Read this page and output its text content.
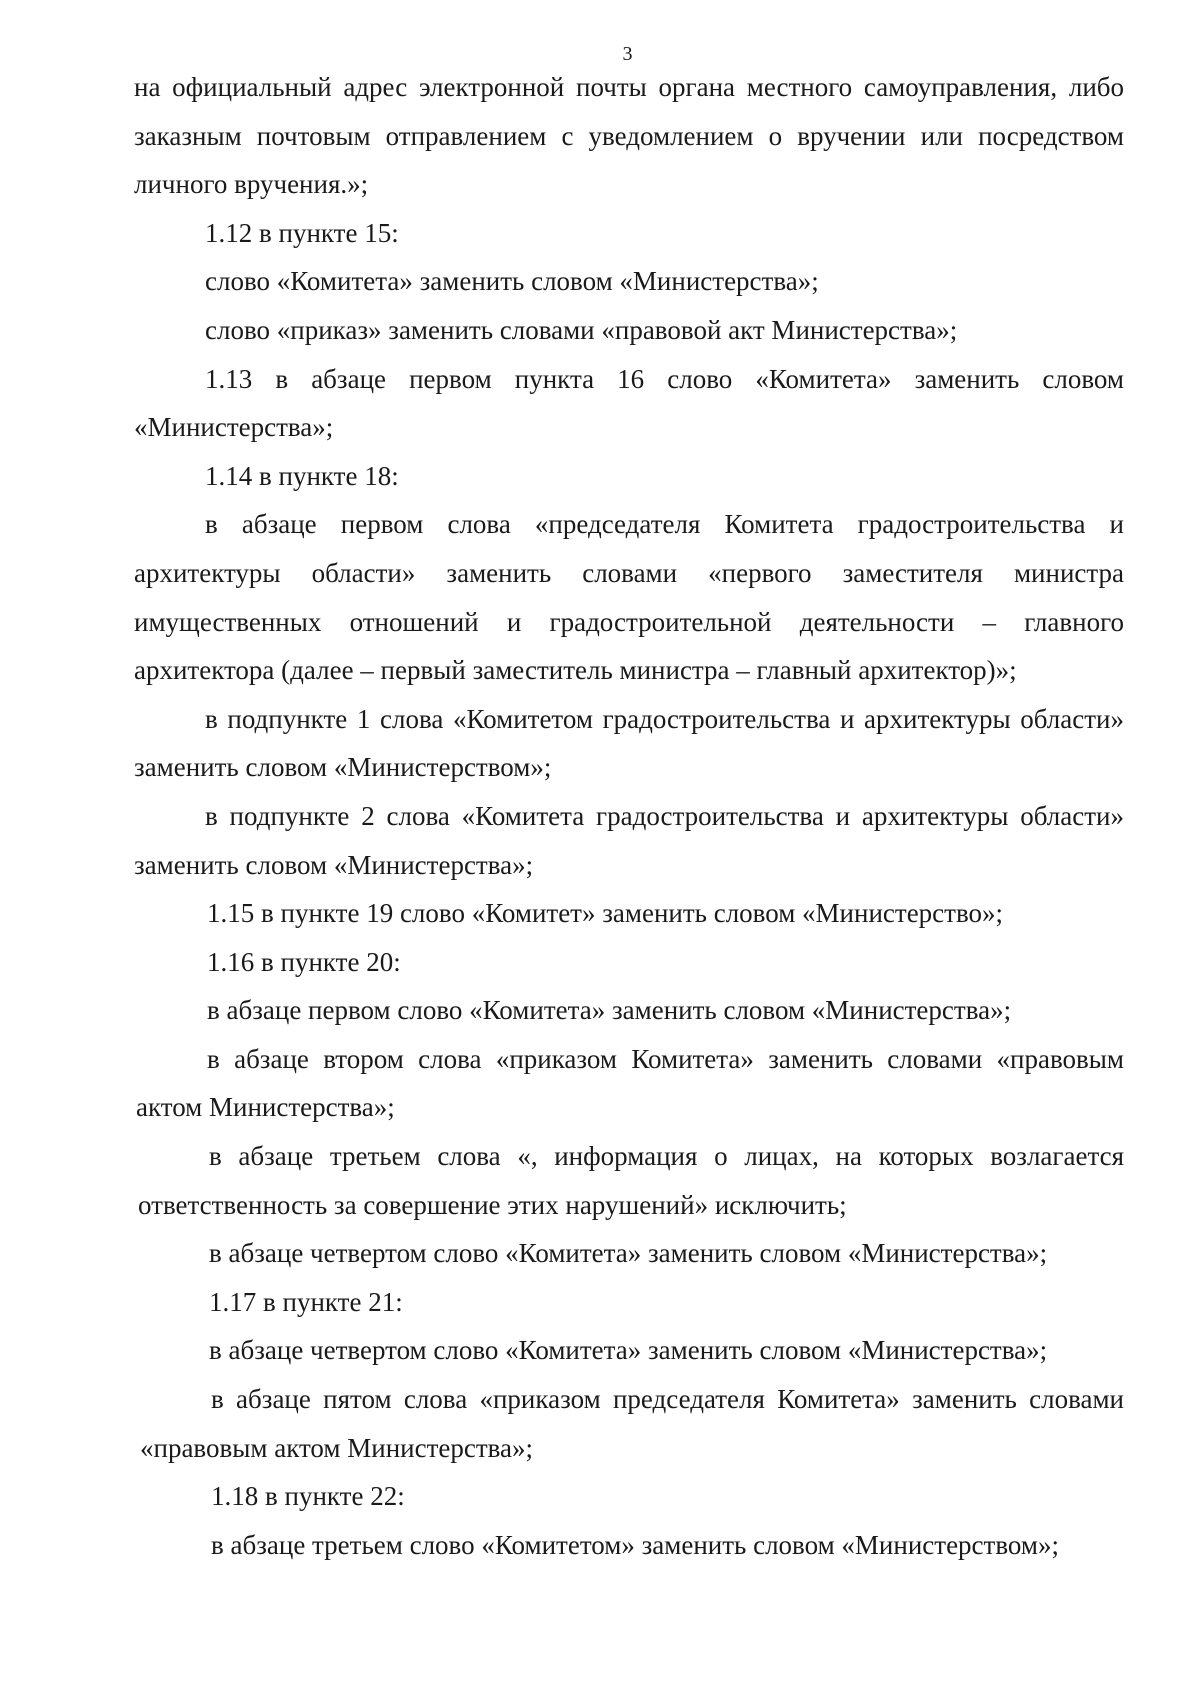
3

на официальный адрес электронной почты органа местного самоуправления, либо заказным почтовым отправлением с уведомлением о вручении или посредством личного вручения.»;

1.12 в пункте 15:

слово «Комитета» заменить словом «Министерства»;

слово «приказ» заменить словами «правовой акт Министерства»;

1.13 в абзаце первом пункта 16 слово «Комитета» заменить словом «Министерства»;

1.14 в пункте 18:

в абзаце первом слова «председателя Комитета градостроительства и архитектуры области» заменить словами «первого заместителя министра имущественных отношений и градостроительной деятельности – главного архитектора (далее – первый заместитель министра – главный архитектор)»;

в подпункте 1 слова «Комитетом градостроительства и архитектуры области» заменить словом «Министерством»;

в подпункте 2 слова «Комитета градостроительства и архитектуры области» заменить словом «Министерства»;

1.15 в пункте 19 слово «Комитет» заменить словом «Министерство»;

1.16 в пункте 20:

в абзаце первом слово «Комитета» заменить словом «Министерства»;

в абзаце втором слова «приказом Комитета» заменить словами «правовым актом Министерства»;

в абзаце третьем слова «, информация о лицах, на которых возлагается ответственность за совершение этих нарушений» исключить;

в абзаце четвертом слово «Комитета» заменить словом «Министерства»;

1.17 в пункте 21:

в абзаце четвертом слово «Комитета» заменить словом «Министерства»;

в абзаце пятом слова «приказом председателя Комитета» заменить словами «правовым актом Министерства»;

1.18 в пункте 22:

в абзаце третьем слово «Комитетом» заменить словом «Министерством»;
